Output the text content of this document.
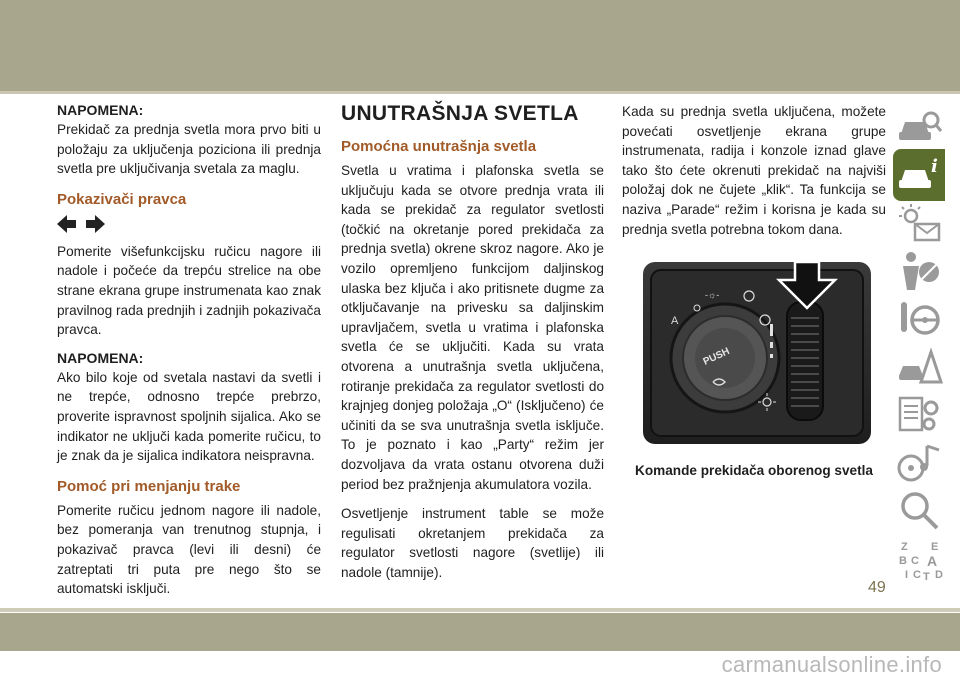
NAPOMENA:

Prekidač za prednja svetla mora prvo biti u položaju za uključenja poziciona ili prednja svetla pre uključivanja svetala za maglu.

Pokazivači pravca

Pomerite višefunkcijsku ručicu nagore ili nadole i počeće da trepću strelice na obe strane ekrana grupe instrumenata kao znak pravilnog rada prednjih i zadnjih pokazivača pravca.

NAPOMENA:

Ako bilo koje od svetala nastavi da svetli i ne trepće, odnosno trepće prebrzo, proverite ispravnost spoljnih sijalica. Ako se indikator ne uključi kada pomerite ručicu, to je znak da je sijalica indikatora neispravna.

Pomoć pri menjanju trake

Pomerite ručicu jednom nagore ili nadole, bez pomeranja van trenutnog stupnja, i pokazivač pravca (levi ili desni) će zatreptati tri puta pre nego što se automatski isključi.

UNUTRAŠNJA SVETLA
Pomoćna unutrašnja svetla

Svetla u vratima i plafonska svetla se uključuju kada se otvore prednja vrata ili kada se prekidač za regulator svetlosti (točkić na okretanje pored prekidača za prednja svetla) okrene skroz nagore. Ako je vozilo opremljeno funkcijom daljinskog ulaska bez ključa i ako pritisnete dugme za otključavanje na privesku sa daljinskim upravljačem, svetla u vratima i plafonska svetla će se uključiti. Kada su vrata otvorena a unutrašnja svetla uključena, rotiranje prekidača za regulator svetlosti do krajnjeg donjeg položaja „O“ (Isključeno) će učiniti da se sva unutrašnja svetla isključe. To je poznato i kao „Party“ režim jer dozvoljava da vrata ostanu otvorena duži period bez pražnjenja akumulatora vozila.

Osvetljenje instrument table se može regulisati okretanjem prekidača za regulator svetlosti nagore (svetlije) ili nadole (tamnije).

Kada su prednja svetla uključena, možete povećati osvetljenje ekrana grupe instrumenata, radija i konzole iznad glave tako što ćete okrenuti prekidač na najviši položaj dok ne čujete „klik“. Ta funkcija se naziva „Parade“ režim i korisna je kada su prednja svetla potrebna tokom dana.

PUSH
A
-☼-
Komande prekidača oborenog svetla
i
Z E
B C A
D
I C T
49
carmanualsonline.info
